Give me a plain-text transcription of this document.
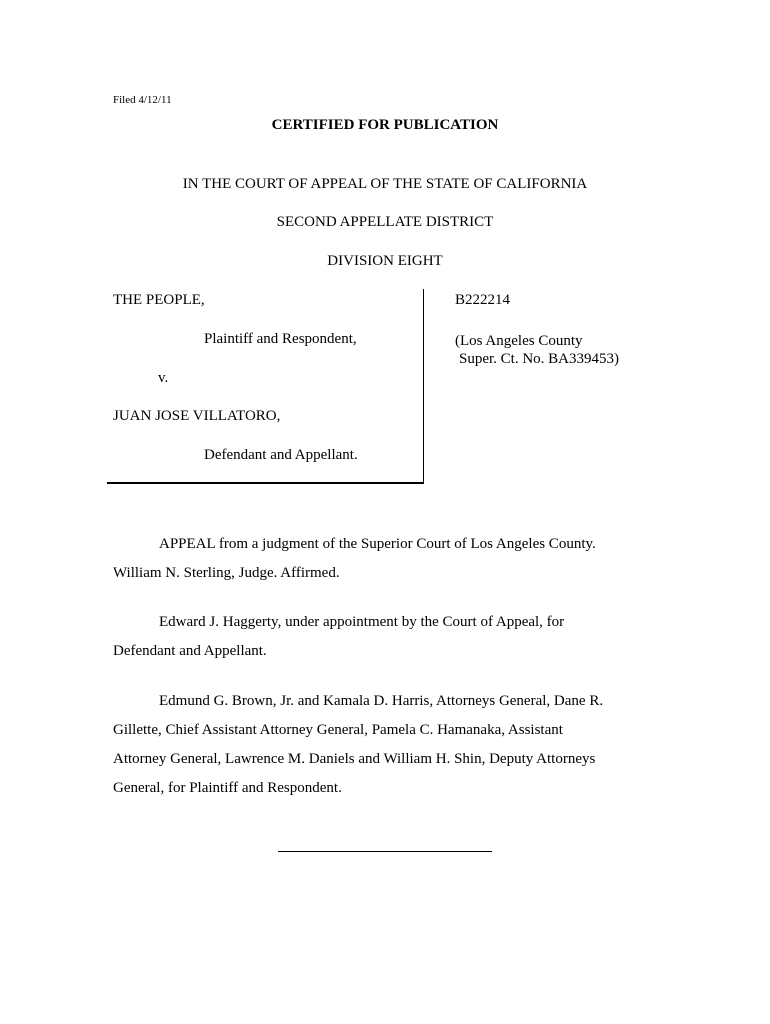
Filed 4/12/11
CERTIFIED FOR PUBLICATION
IN THE COURT OF APPEAL OF THE STATE OF CALIFORNIA
SECOND APPELLATE DISTRICT
DIVISION EIGHT
THE PEOPLE,
Plaintiff and Respondent,
v.
JUAN JOSE VILLATORO,
Defendant and Appellant.
B222214
(Los Angeles County
Super. Ct. No. BA339453)
APPEAL from a judgment of the Superior Court of Los Angeles County.
William N. Sterling, Judge. Affirmed.
Edward J. Haggerty, under appointment by the Court of Appeal, for
Defendant and Appellant.
Edmund G. Brown, Jr. and Kamala D. Harris, Attorneys General, Dane R.
Gillette, Chief Assistant Attorney General, Pamela C. Hamanaka, Assistant
Attorney General, Lawrence M. Daniels and William H. Shin, Deputy Attorneys
General, for Plaintiff and Respondent.
